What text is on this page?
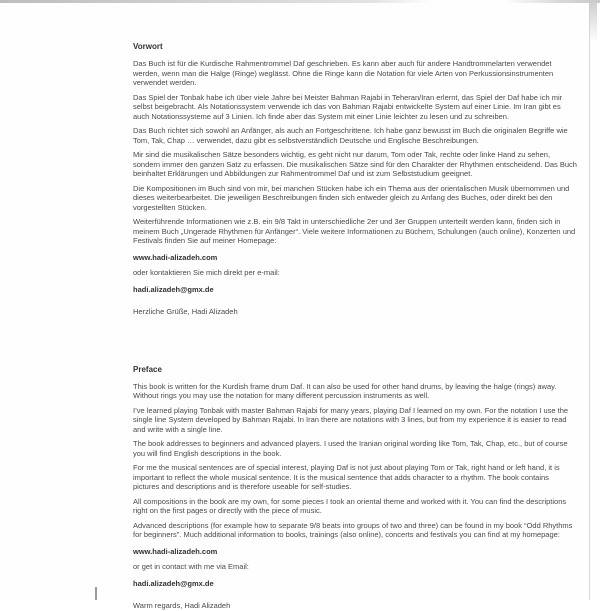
Vorwort

Das Buch ist für die Kurdische Rahmentrommel Daf geschrieben. Es kann aber auch für andere Handtrommelarten verwendet werden, wenn man die Halge (Ringe) weglässt. Ohne die Ringe kann die Notation für viele Arten von Perkussionsinstrumenten verwendet werden.

Das Spiel der Tonbak habe ich über viele Jahre bei Meister Bahman Rajabi in Teheran/Iran erlernt, das Spiel der Daf habe ich mir selbst beigebracht. Als Notationssystem verwende ich das von Bahman Rajabi entwickelte System auf einer Linie. Im Iran gibt es auch Notationssysteme auf 3 Linien. Ich finde aber das System mit einer Linie leichter zu lesen und zu schreiben.

Das Buch richtet sich sowohl an Anfänger, als auch an Fortgeschrittene. Ich habe ganz bewusst im Buch die originalen Begriffe wie Tom, Tak, Chap … verwendet, dazu gibt es selbstverständlich Deutsche und Englische Beschreibungen.

Mir sind die musikalischen Sätze besonders wichtig, es geht nicht nur darum, Tom oder Tak, rechte oder linke Hand zu sehen, sondern immer den ganzen Satz zu erfassen. Die musikalischen Sätze sind für den Charakter der Rhythmen entscheidend. Das Buch beinhaltet Erklärungen und Abbildungen zur Rahmentrommel Daf und ist zum Selbststudium geeignet.

Die Kompositionen im Buch sind von mir, bei manchen Stücken habe ich ein Thema aus der orientalischen Musik übernommen und dieses weiterbearbeitet. Die jeweiligen Beschreibungen finden sich entweder gleich zu Anfang des Buches, oder direkt bei den vorgestellten Stücken.

Weiterführende Informationen wie z.B. ein 9/8 Takt in unterschiedliche 2er und 3er Gruppen unterteilt werden kann, finden sich in meinem Buch „Ungerade Rhythmen für Anfänger“. Viele weitere Informationen zu Büchern, Schulungen (auch online), Konzerten und Festivals finden Sie auf meiner Homepage:

www.hadi-alizadeh.com

oder kontaktieren Sie mich direkt per e-mail:

hadi.alizadeh@gmx.de

Herzliche Grüße, Hadi Alizadeh

Preface

This book is written for the Kurdish frame drum Daf. It can also be used for other hand drums, by leaving the halge (rings) away. Without rings you may use the notation for many different percussion instruments as well.

I’ve learned playing Tonbak with master Bahman Rajabi for many years, playing Daf I learned on my own. For the notation I use the single line System developed by Bahman Rajabi. In Iran there are notations with 3 lines, but from my experience it is easier to read and write with a single line.

The book addresses to beginners and advanced players. I used the Iranian original wording like Tom, Tak, Chap, etc., but of course you will find English descriptions in the book.

For me the musical sentences are of special interest, playing Daf is not just about playing Tom or Tak, right hand or left hand, it is important to reflect the whole musical sentence. It is the musical sentence that adds character to a rhythm. The book contains pictures and descriptions and is therefore useable for self-studies.

All compositions in the book are my own, for some pieces I took an oriental theme and worked with it. You can find the descriptions right on the first pages or directly with the piece of music.

Advanced descriptions (for example how to separate 9/8 beats into groups of two and three) can be found in my book “Odd Rhythms for beginners”. Much additional information to books, trainings (also online), concerts and festivals you can find at my homepage:

www.hadi-alizadeh.com

or get in contact with me via Email:

hadi.alizadeh@gmx.de

Warm regards, Hadi Alizadeh
